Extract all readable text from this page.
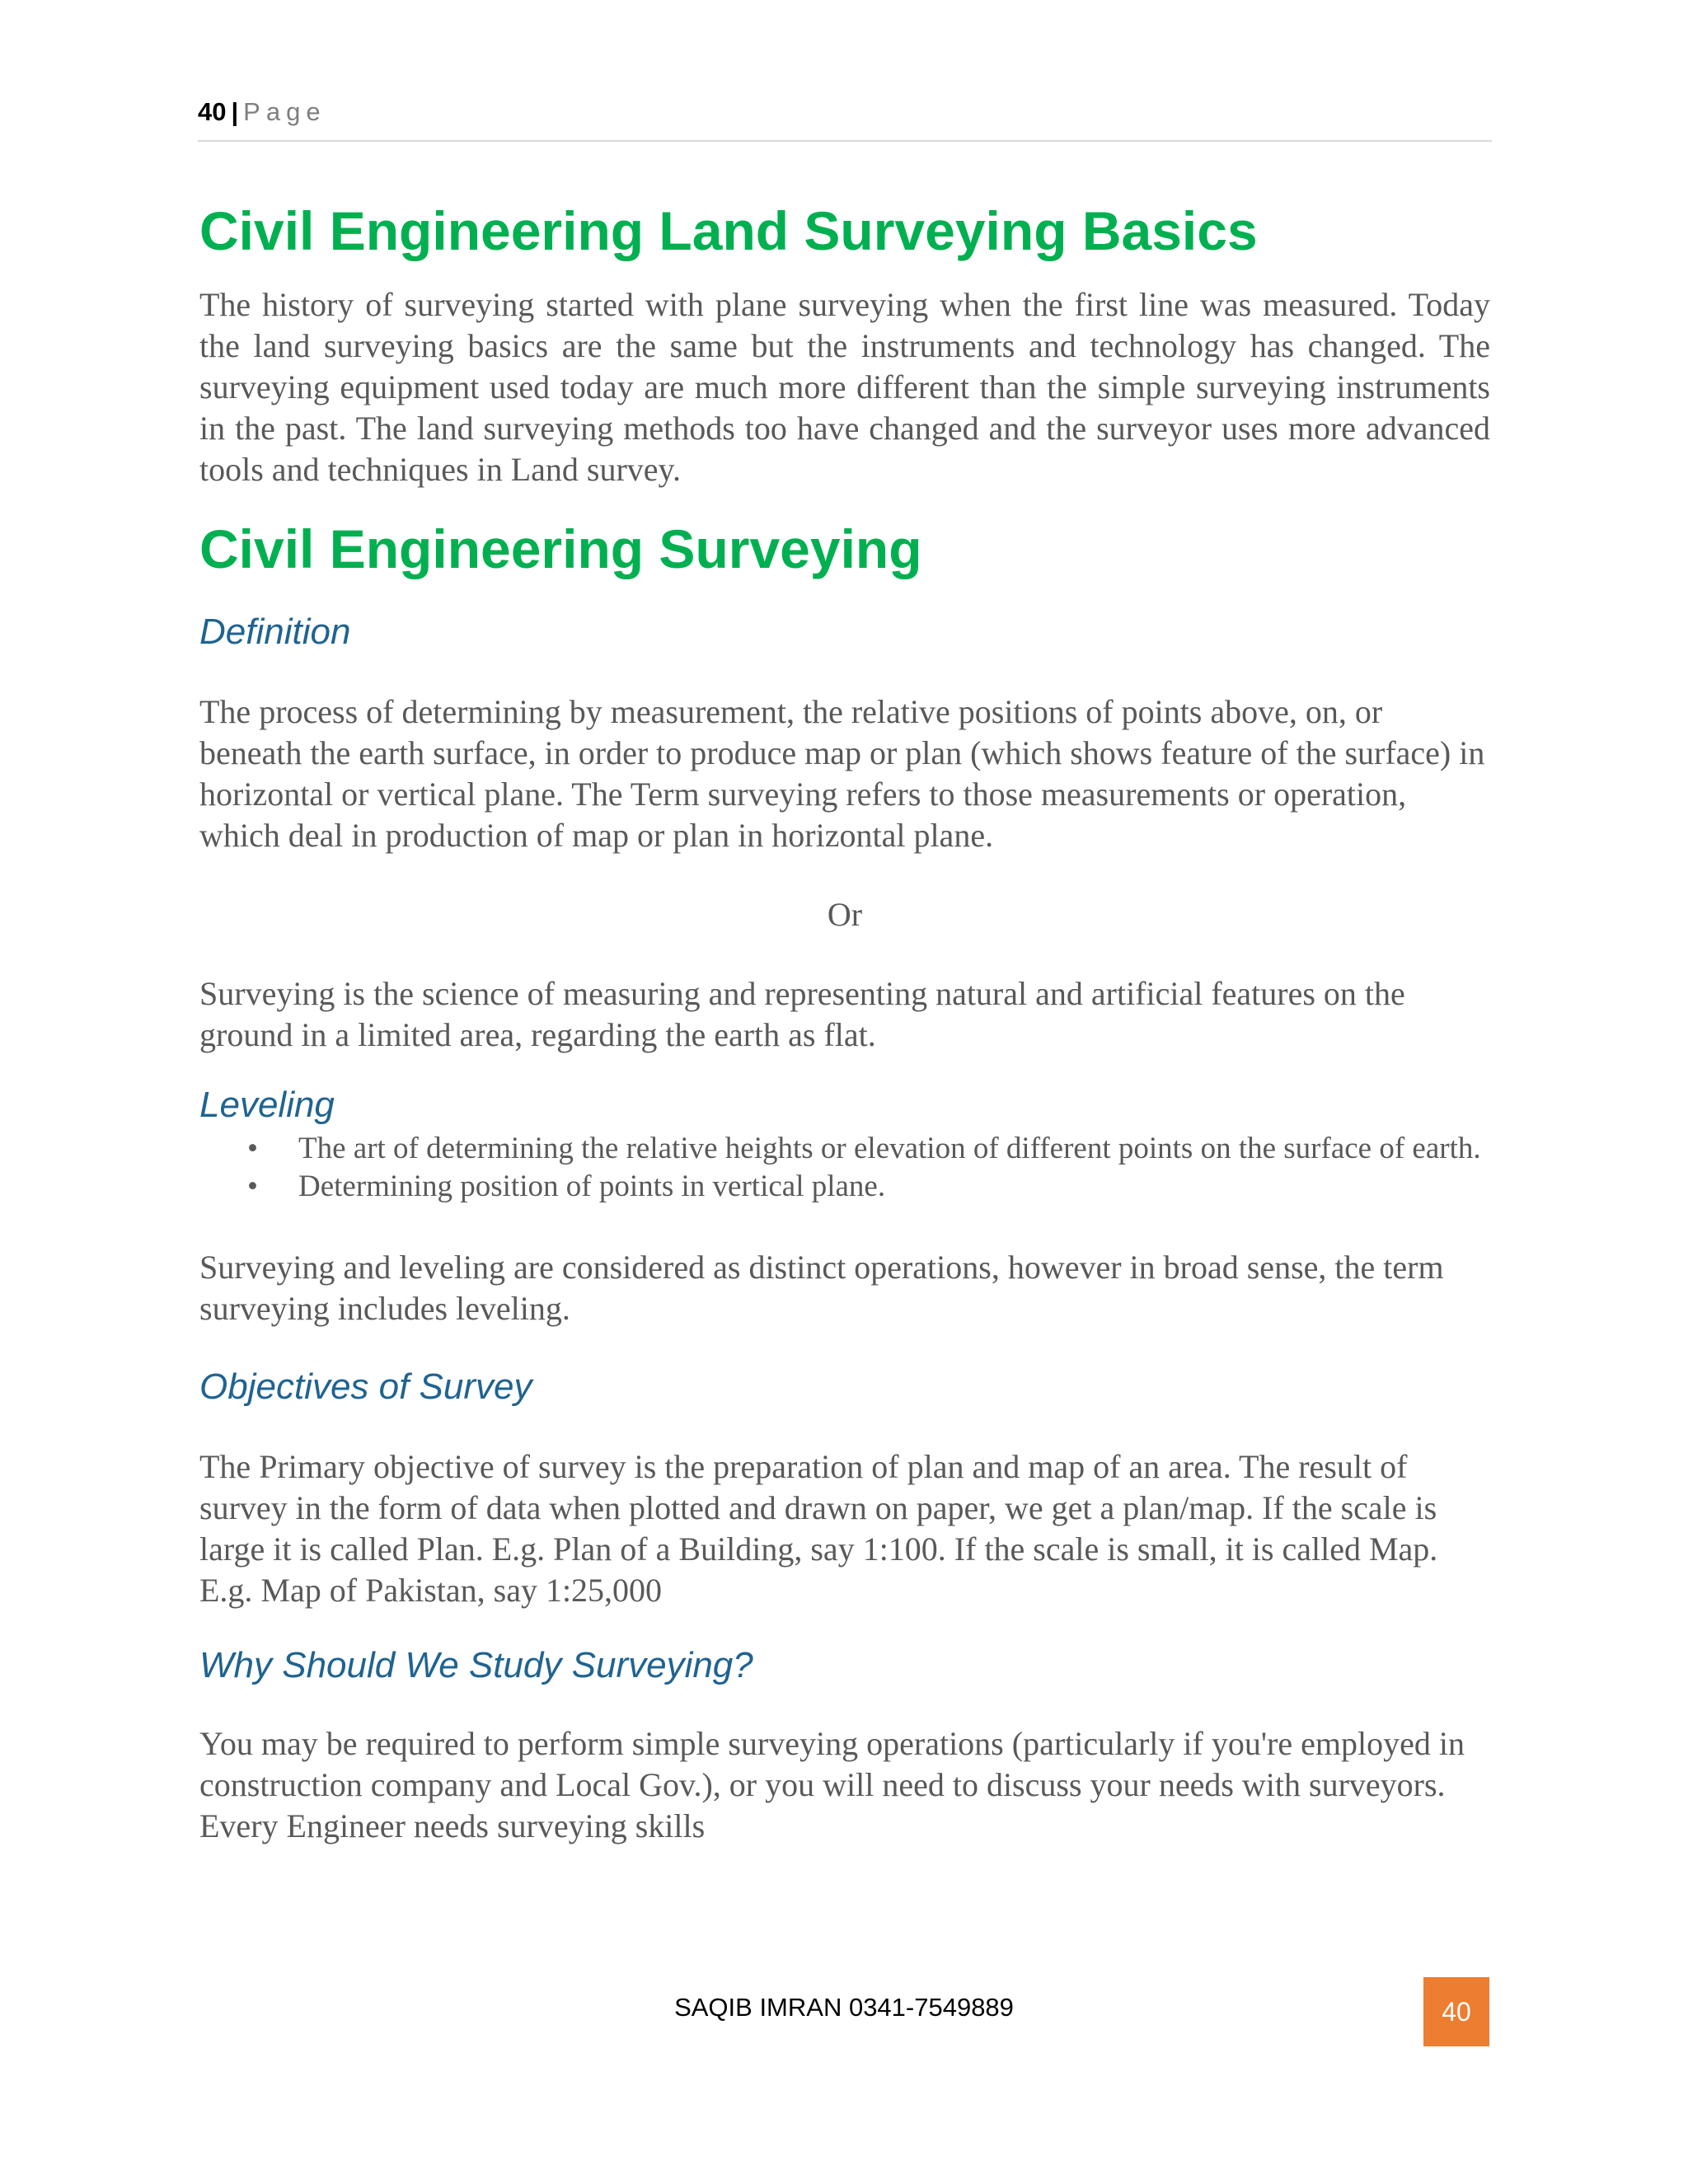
40 | Page
Civil Engineering Land Surveying Basics

The history of surveying started with plane surveying when the first line was measured. Today the land surveying basics are the same but the instruments and technology has changed. The surveying equipment used today are much more different than the simple surveying instruments in the past. The land surveying methods too have changed and the surveyor uses more advanced tools and techniques in Land survey.

Civil Engineering Surveying
Definition

The process of determining by measurement, the relative positions of points above, on, or beneath the earth surface, in order to produce map or plan (which shows feature of the surface) in horizontal or vertical plane. The Term surveying refers to those measurements or operation, which deal in production of map or plan in horizontal plane.

Or

Surveying is the science of measuring and representing natural and artificial features on the ground in a limited area, regarding the earth as flat.

Leveling
• The art of determining the relative heights or elevation of different points on the surface of earth.
• Determining position of points in vertical plane.

Surveying and leveling are considered as distinct operations, however in broad sense, the term surveying includes leveling.

Objectives of Survey

The Primary objective of survey is the preparation of plan and map of an area. The result of survey in the form of data when plotted and drawn on paper, we get a plan/map. If the scale is large it is called Plan. E.g. Plan of a Building, say 1:100. If the scale is small, it is called Map. E.g. Map of Pakistan, say 1:25,000

Why Should We Study Surveying?

You may be required to perform simple surveying operations (particularly if you're employed in construction company and Local Gov.), or you will need to discuss your needs with surveyors. Every Engineer needs surveying skills

SAQIB IMRAN 0341-7549889	40
